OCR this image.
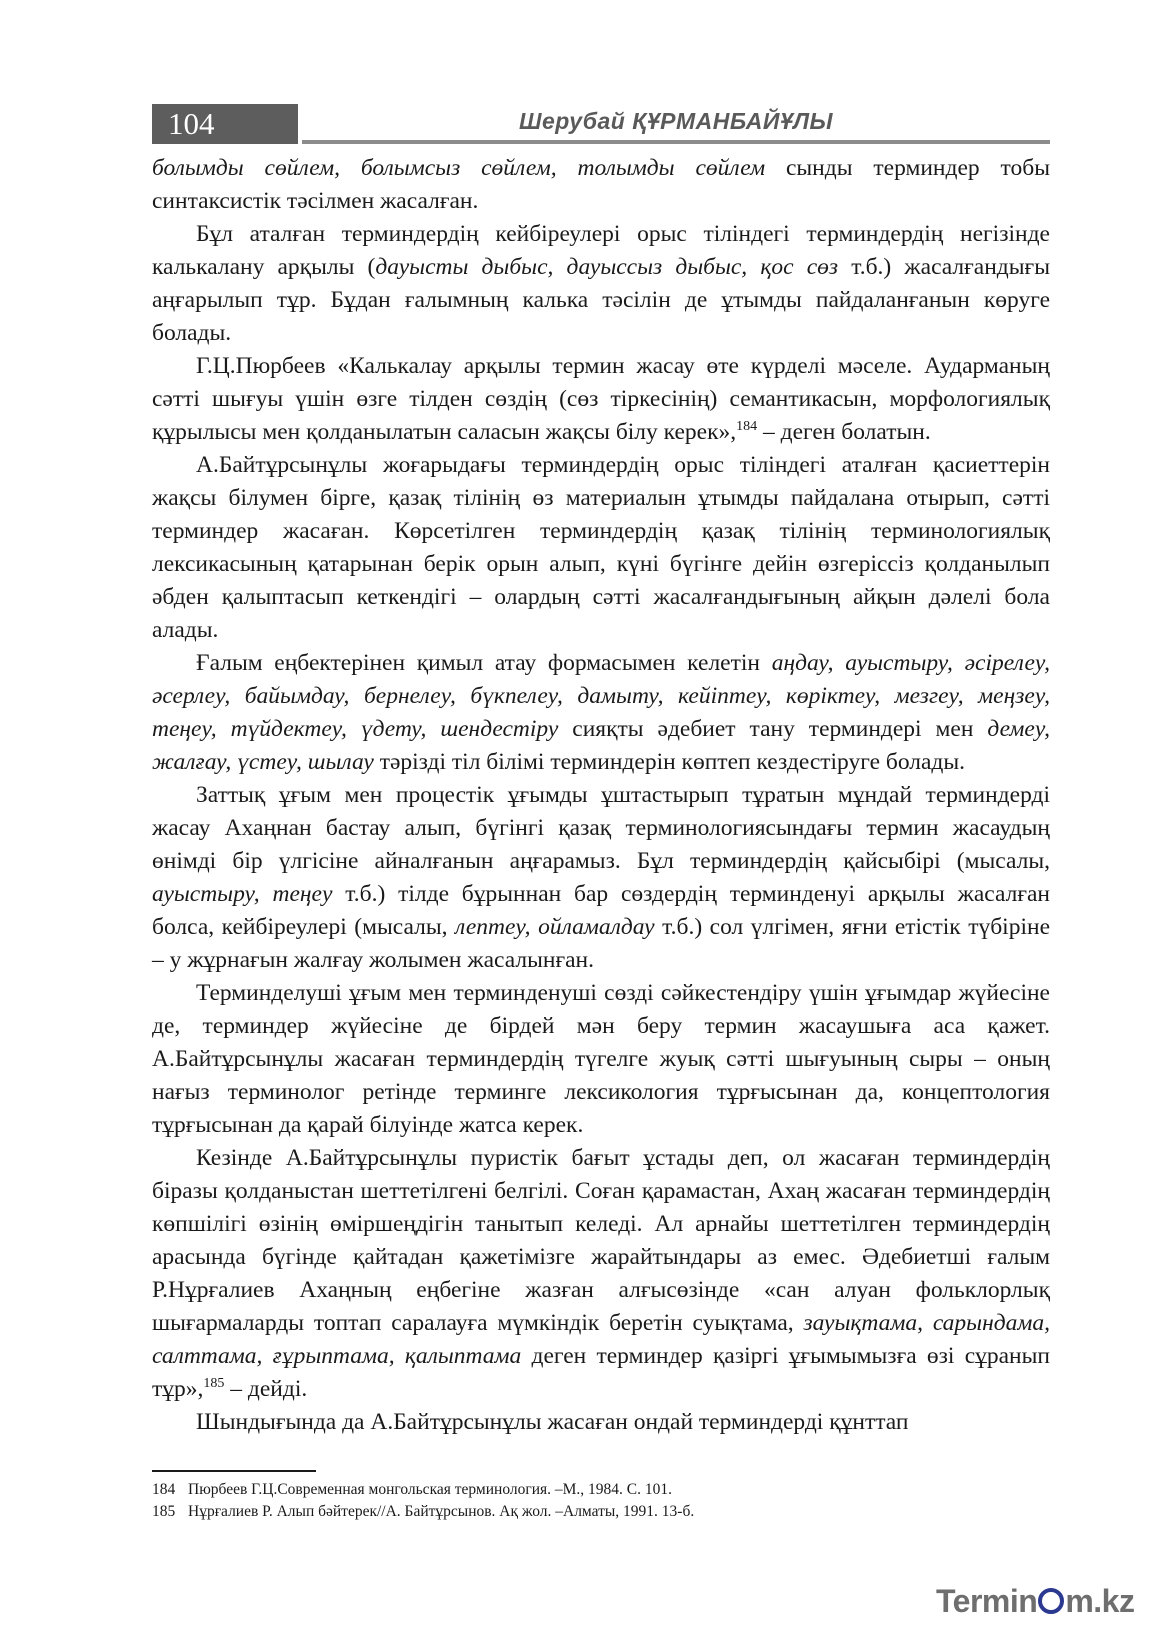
104	Шерубай ҚҰРМАНБАЙҰЛЫ

болымды сөйлем, болымсыз сөйлем, толымды сөйлем сынды терминдер тобы синтаксистік тәсілмен жасалған.

Бұл аталған терминдердің кейбіреулері орыс тіліндегі терминдердің негізінде калькалану арқылы (дауысты дыбыс, дауыссыз дыбыс, қос сөз т.б.) жасалғандығы аңғарылып тұр. Бұдан ғалымның калька тәсілін де ұтымды пайдаланғанын көруге болады.

Г.Ц.Пюрбеев «Калькалау арқылы термин жасау өте күрделі мәселе. Аударманың сәтті шығуы үшін өзге тілден сөздің (сөз тіркесінің) семантикасын, морфологиялық құрылысы мен қолданылатын саласын жақсы білу керек»,$^{184}$ – деген болатын.

А.Байтұрсынұлы жоғарыдағы терминдердің орыс тіліндегі аталған қасиеттерін жақсы білумен бірге, қазақ тілінің өз материалын ұтымды пайдалана отырып, сәтті терминдер жасаған. Көрсетілген терминдердің қазақ тілінің терминологиялық лексикасының қатарынан берік орын алып, күні бүгінге дейін өзгеріссіз қолданылып әбден қалыптасып кеткендігі – олардың сәтті жасалғандығының айқын дәлелі бола алады.

Ғалым еңбектерінен қимыл атау формасымен келетін аңдау, ауыстыру, әсірелеу, әсерлеу, байымдау, бернелеу, бүкпелеу, дамыту, кейіптеу, көріктеу, мезгеу, меңзеу, теңеу, түйдектеу, үдету, шендестіру сияқты әдебиет тану терминдері мен демеу, жалғау, үстеу, шылау тәрізді тіл білімі терминдерін көптеп кездестіруге болады.

Заттық ұғым мен процестік ұғымды ұштастырып тұратын мұндай терминдерді жасау Ахаңнан бастау алып, бүгінгі қазақ терминологиясындағы термин жасаудың өнімді бір үлгісіне айналғанын аңғарамыз. Бұл терминдердің қайсыбірі (мысалы, ауыстыру, теңеу т.б.) тілде бұрыннан бар сөздердің терминденуі арқылы жасалған болса, кейбіреулері (мысалы, лептеу, ойламалдау т.б.) сол үлгімен, яғни етістік түбіріне – у жұрнағын жалғау жолымен жасалынған.

Терминделуші ұғым мен терминденуші сөзді сәйкестендіру үшін ұғымдар жүйесіне де, терминдер жүйесіне де бірдей мән беру термин жасаушыға аса қажет. А.Байтұрсынұлы жасаған терминдердің түгелге жуық сәтті шығуының сыры – оның нағыз терминолог ретінде терминге лексикология тұрғысынан да, концептология тұрғысынан да қарай білуінде жатса керек.

Кезінде А.Байтұрсынұлы пуристік бағыт ұстады деп, ол жасаған терминдердің біразы қолданыстан шеттетілгені белгілі. Соған қарамастан, Ахаң жасаған терминдердің көпшілігі өзінің өміршеңдігін танытып келеді. Ал арнайы шеттетілген терминдердің арасында бүгінде қайтадан қажетімізге жарайтындары аз емес. Әдебиетші ғалым Р.Нұрғалиев Ахаңның еңбегіне жазған алғысөзінде «сан алуан фольклорлық шығармаларды топтап саралауға мүмкіндік беретін суықтама, зауықтама, сарындама, салттама, ғұрыптама, қалыптама деген терминдер қазіргі ұғымымызға өзі сұранып тұр»,$^{185}$ – дейді.

Шындығында да А.Байтұрсынұлы жасаған ондай терминдерді құнттап

184 Пюрбеев Г.Ц.Современная монгольская терминология. –М., 1984. С. 101.

185 Нұрғалиев Р. Алып бәйтерек//А. Байтұрсынов. Ақ жол. –Алматы, 1991. 13-б.

Termin m.kz
